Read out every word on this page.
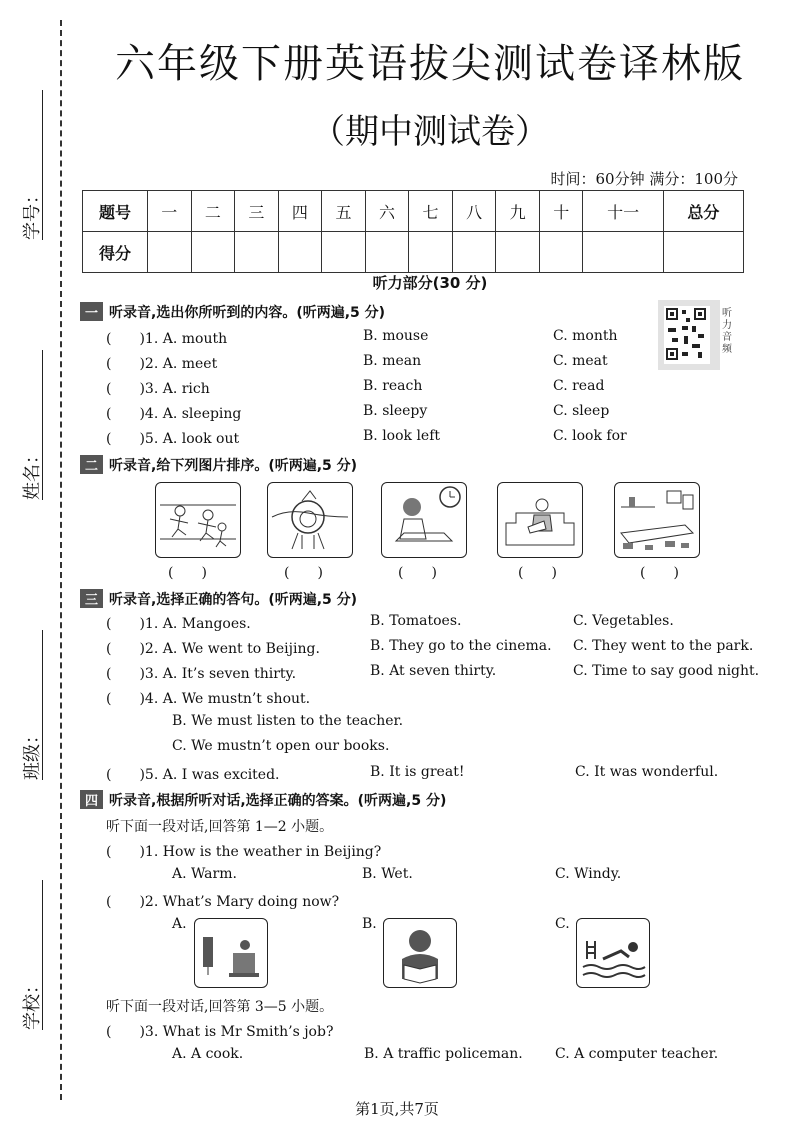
学号：
姓名：
班级：
学校：
六年级下册英语拔尖测试卷译林版
（期中测试卷）
时间：60分钟 满分：100分
题号	一	二	三	四	五	六	七	八	九	十	十一	总分
得分												
听力部分(30 分)
一 听录音,选出你所听到的内容。(听两遍,5 分)	听力音频
(　　)1. A. mouth	B. mouse	C. month
(　　)2. A. meet	B. mean	C. meat
(　　)3. A. rich	B. reach	C. read
(　　)4. A. sleeping	B. sleepy	C. sleep
(　　)5. A. look out	B. look left	C. look for
二 听录音,给下列图片排序。(听两遍,5 分)
(　　)	(　　)	(　　)	(　　)	(　　)
三 听录音,选择正确的答句。(听两遍,5 分)
(　　)1. A. Mangoes.	B. Tomatoes.	C. Vegetables.
(　　)2. A. We went to Beijing.	B. They go to the cinema. C. They went to the park.
(　　)3. A. It’s seven thirty.	B. At seven thirty.	C. Time to say good night.
(　　)4. A. We mustn’t shout.
B. We must listen to the teacher.
C. We mustn’t open our books.
(　　)5. A. I was excited.	B. It is great!	C. It was wonderful.
四 听录音,根据所听对话,选择正确的答案。(听两遍,5 分)
听下面一段对话,回答第 1—2 小题。
(　　)1. How is the weather in Beijing?
A. Warm.	B. Wet.	C. Windy.
(　　)2. What’s Mary doing now?
A.	B.	C.
听下面一段对话,回答第 3—5 小题。
(　　)3. What is Mr Smith’s job?
A. A cook.	B. A traffic policeman. C. A computer teacher.
第1页,共7页
